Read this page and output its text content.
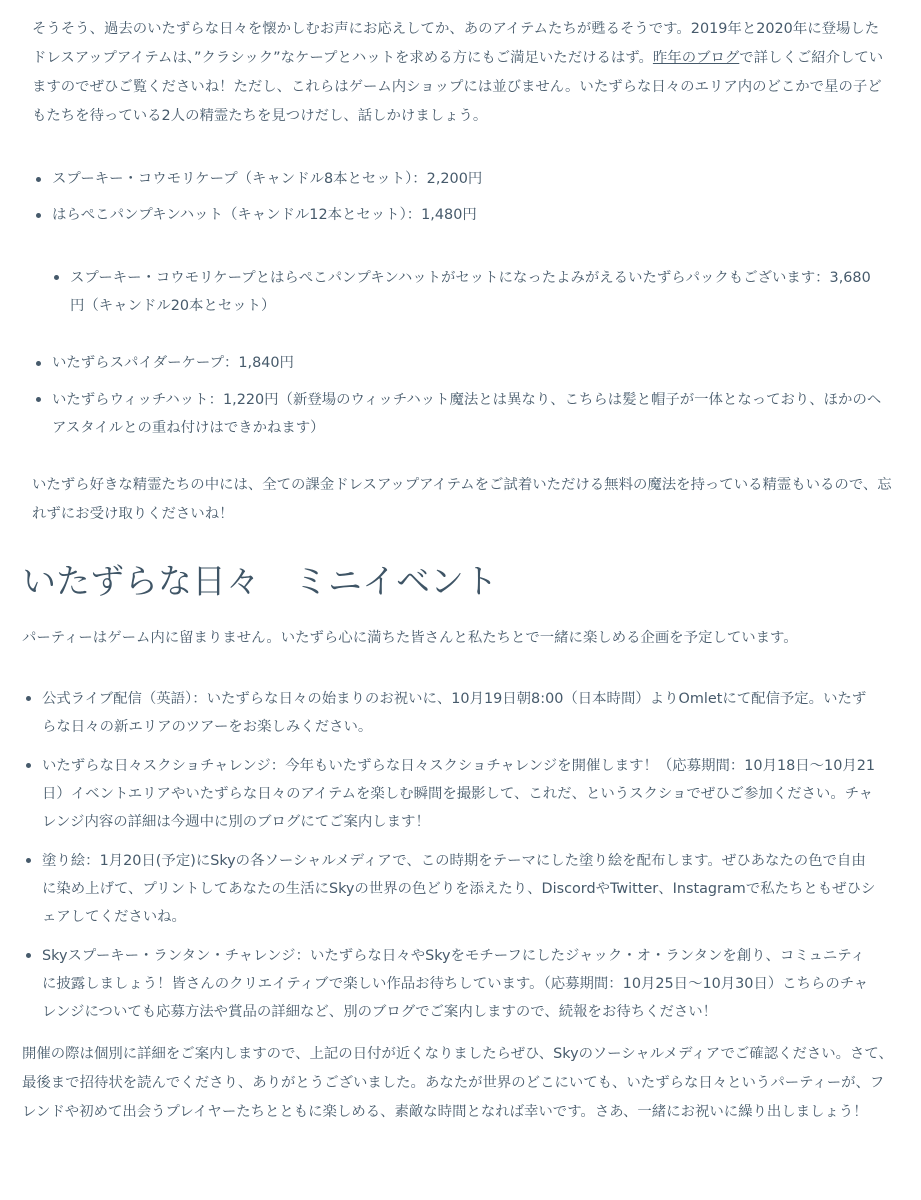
そうそう、過去のいたずらな日々を懐かしむお声にお応えしてか、あのアイテムたちが甦るそうです。2019年と2020年に登場したドレスアップアイテムは、”クラシック”なケープとハットを求める方にもご満足いただけるはず。昨年のブログで詳しくご紹介していますのでぜひご覧くださいね！ただし、これらはゲーム内ショップには並びません。いたずらな日々のエリア内のどこかで星の子どもたちを待っている2人の精霊たちを見つけだし、話しかけましょう。

スプーキー・コウモリケープ（キャンドル8本とセット）：2,200円
はらぺこパンプキンハット（キャンドル12本とセット）：1,480円
スプーキー・コウモリケープとはらぺこパンプキンハットがセットになったよみがえるいたずらパックもございます：3,680円（キャンドル20本とセット）
いたずらスパイダーケープ：1,840円
いたずらウィッチハット：1,220円（新登場のウィッチハット魔法とは異なり、こちらは髪と帽子が一体となっており、ほかのヘアスタイルとの重ね付けはできかねます）

いたずら好きな精霊たちの中には、全ての課金ドレスアップアイテムをご試着いただける無料の魔法を持っている精霊もいるので、忘れずにお受け取りくださいね！

いたずらな日々　ミニイベント

パーティーはゲーム内に留まりません。いたずら心に満ちた皆さんと私たちとで一緒に楽しめる企画を予定しています。

公式ライブ配信（英語）：いたずらな日々の始まりのお祝いに、10月19日朝8:00（日本時間）よりOmletにて配信予定。いたずらな日々の新エリアのツアーをお楽しみください。
いたずらな日々スクショチャレンジ：今年もいたずらな日々スクショチャレンジを開催します！（応募期間：10月18日～10月21日）イベントエリアやいたずらな日々のアイテムを楽しむ瞬間を撮影して、これだ、というスクショでぜひご参加ください。チャレンジ内容の詳細は今週中に別のブログにてご案内します！
塗り絵：1月20日(予定)にSkyの各ソーシャルメディアで、この時期をテーマにした塗り絵を配布します。ぜひあなたの色で自由に染め上げて、プリントしてあなたの生活にSkyの世界の色どりを添えたり、DiscordやTwitter、Instagramで私たちともぜひシェアしてくださいね。
Skyスプーキー・ランタン・チャレンジ：いたずらな日々やSkyをモチーフにしたジャック・オ・ランタンを創り、コミュニティに披露しましょう！皆さんのクリエイティブで楽しい作品お待ちしています。（応募期間：10月25日～10月30日）こちらのチャレンジについても応募方法や賞品の詳細など、別のブログでご案内しますので、続報をお待ちください！

開催の際は個別に詳細をご案内しますので、上記の日付が近くなりましたらぜひ、Skyのソーシャルメディアでご確認ください。さて、最後まで招待状を読んでくださり、ありがとうございました。あなたが世界のどこにいても、いたずらな日々というパーティーが、フレンドや初めて出会うプレイヤーたちとともに楽しめる、素敵な時間となれば幸いです。さあ、一緒にお祝いに繰り出しましょう！
